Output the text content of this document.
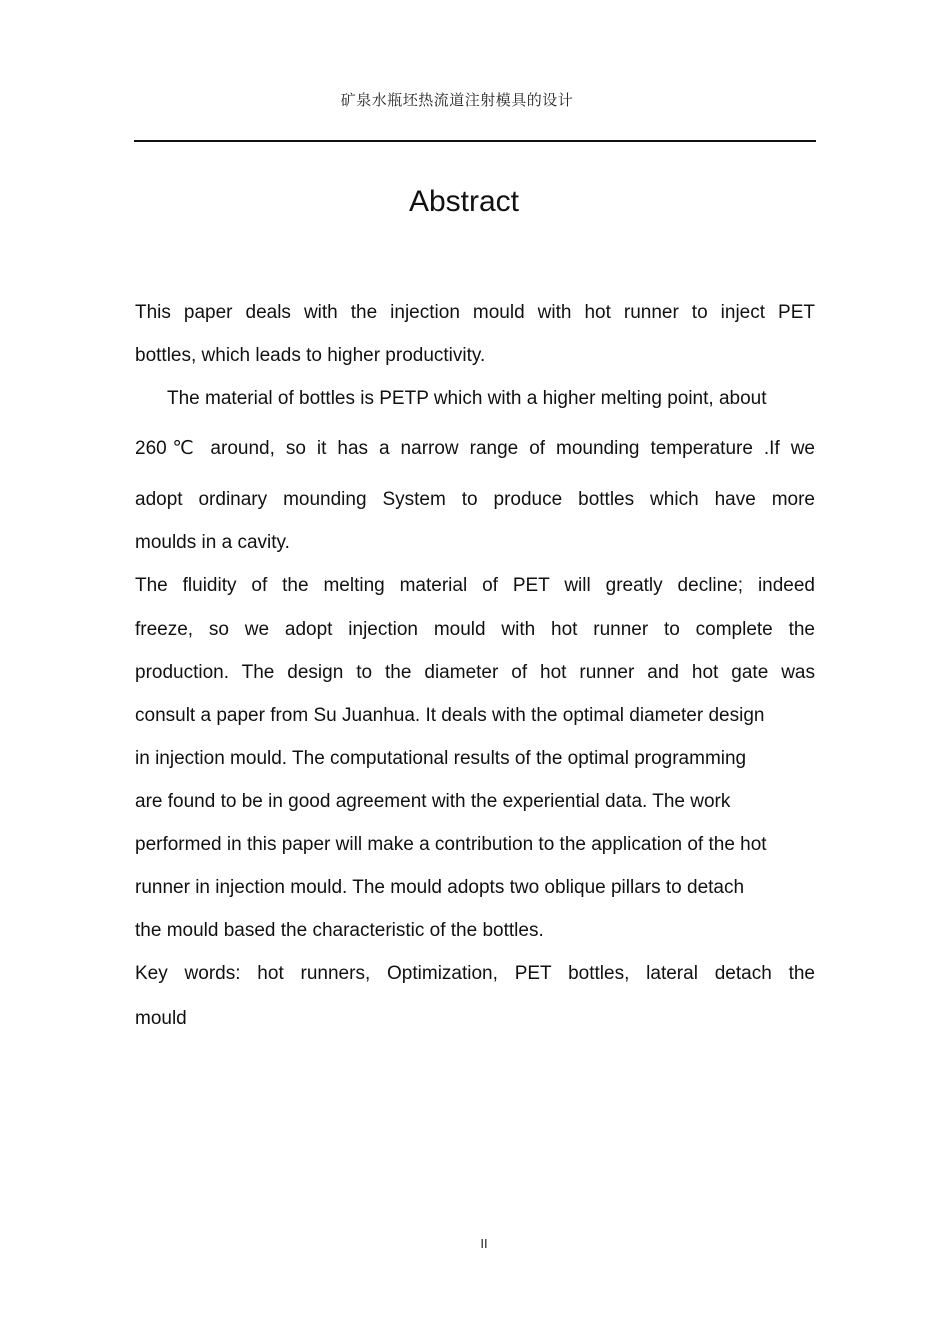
矿泉水瓶坯热流道注射模具的设计
Abstract
This paper deals with the injection mould with hot runner to inject PET
bottles, which leads to higher productivity.
The material of bottles is PETP which with a higher melting point, about
260℃ around, so it has a narrow range of mounding temperature .If we
adopt ordinary mounding System to produce bottles which have more
moulds in a cavity.
The fluidity of the melting material of PET will greatly decline; indeed
freeze, so we adopt injection mould with hot runner to complete the
production. The design to the diameter of hot runner and hot gate was
consult a paper from Su Juanhua. It deals with the optimal diameter design
in injection mould. The computational results of the optimal programming
are found to be in good agreement with the experiential data. The work
performed in this paper will make a contribution to the application of the hot
runner in injection mould. The mould adopts two oblique pillars to detach
the mould based the characteristic of the bottles.
Key words: hot runners, Optimization, PET bottles, lateral detach the
mould
II
